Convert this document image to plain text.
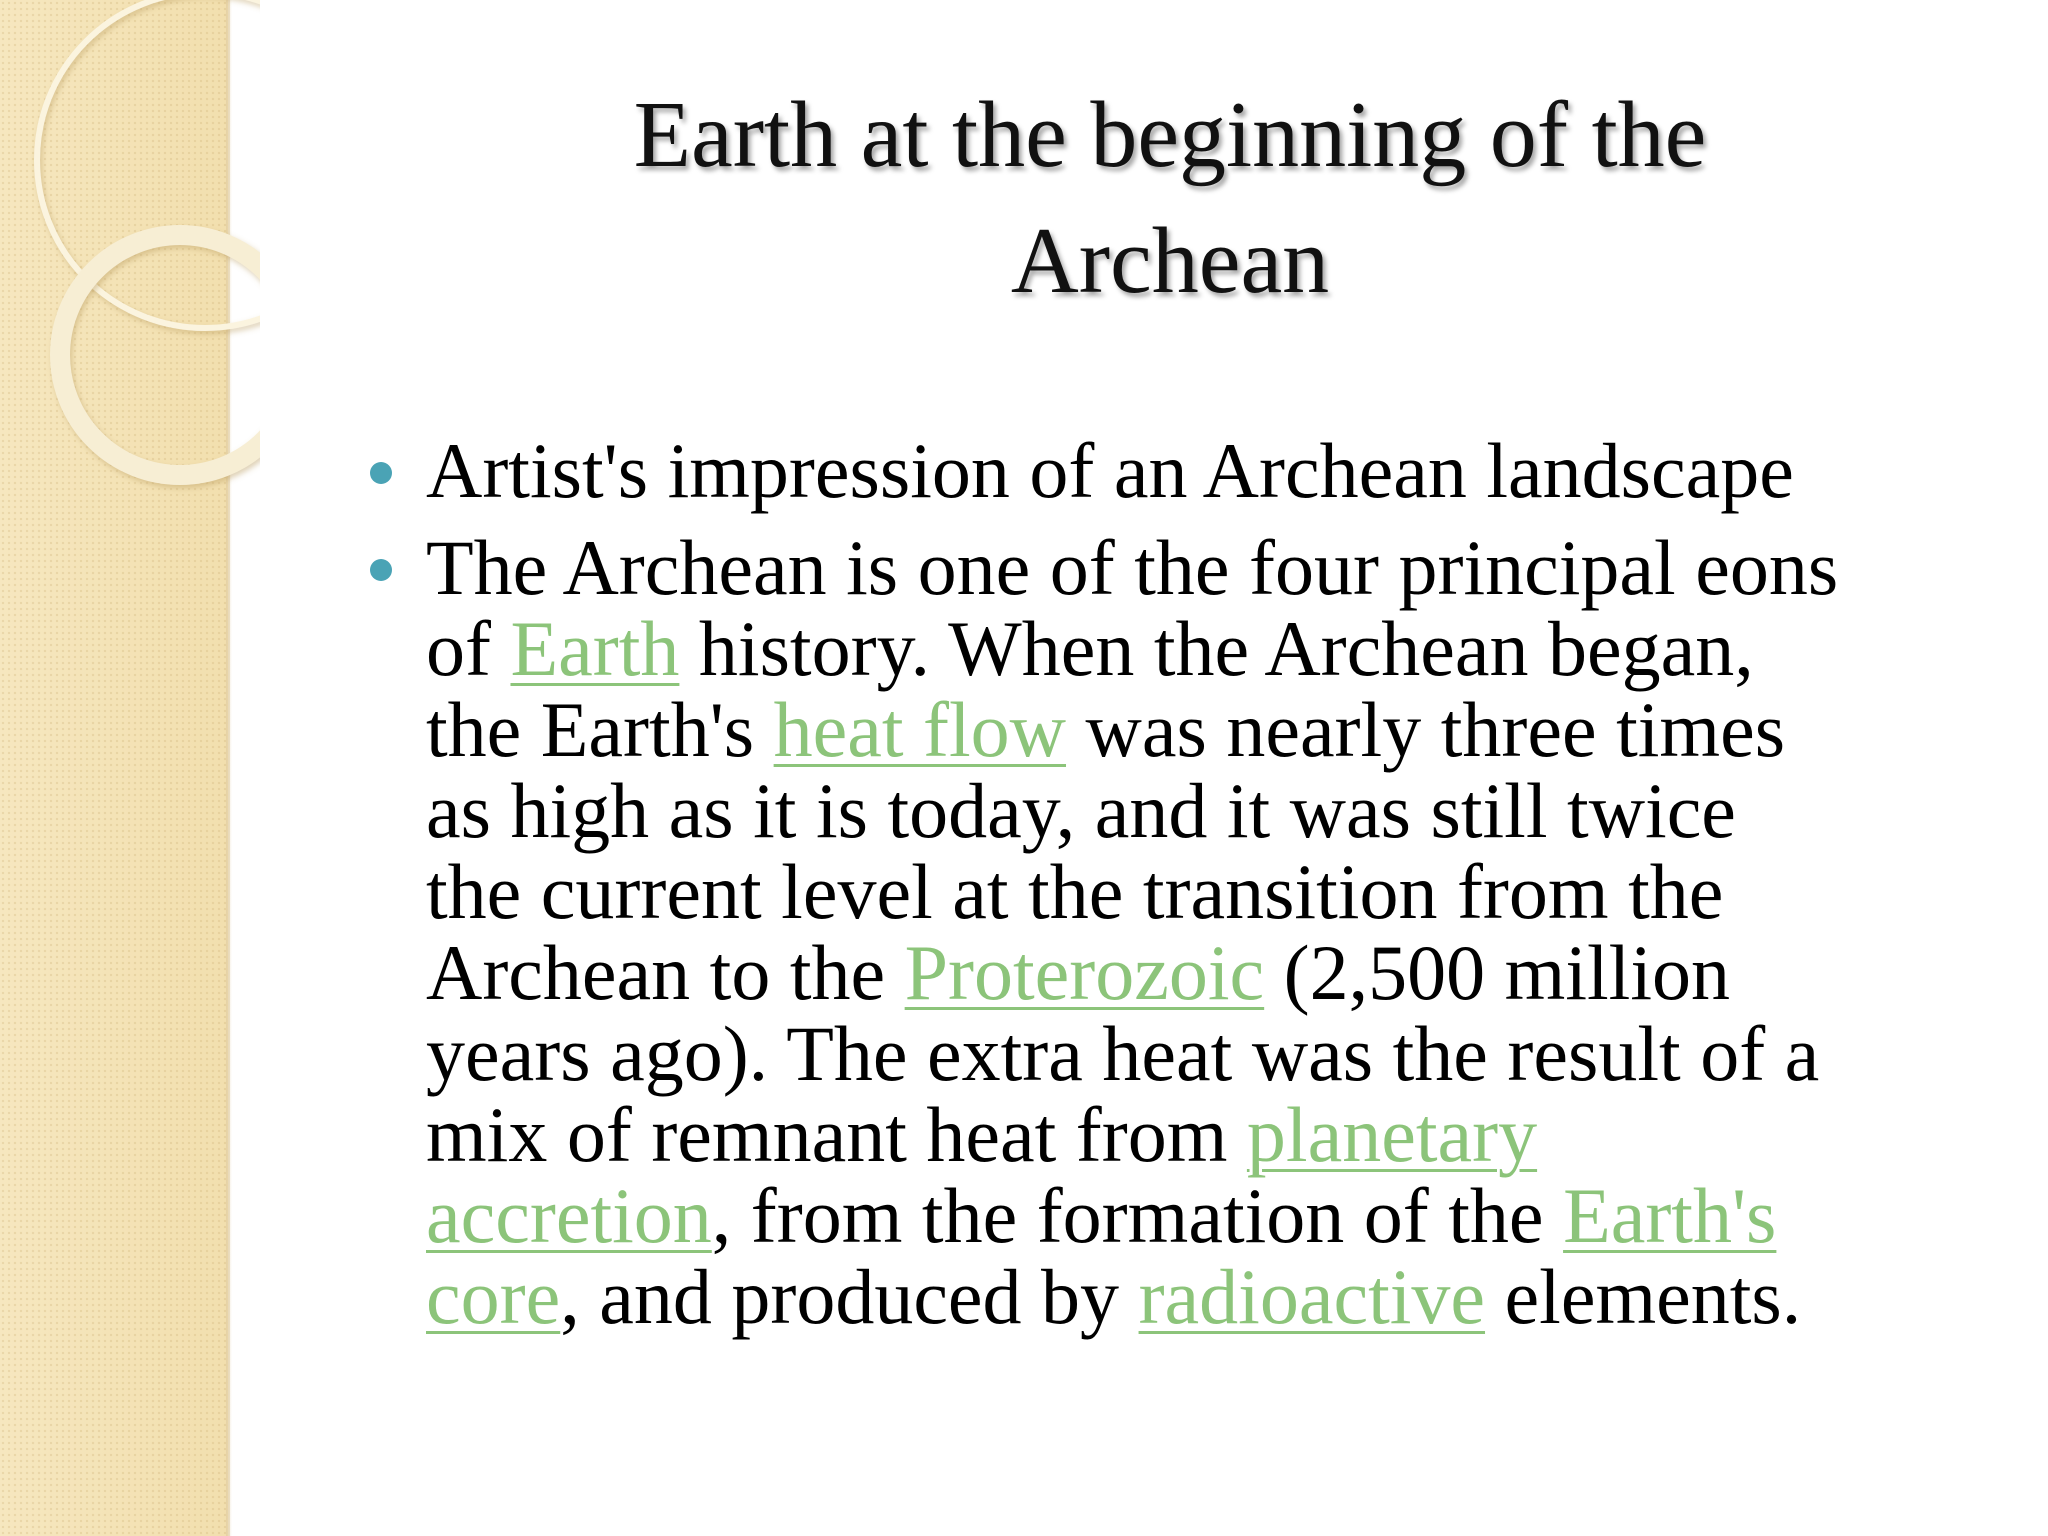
Earth at the beginning of the
Archean
Artist's impression of an Archean landscape
The Archean is one of the four principal eons
of Earth history. When the Archean began,
the Earth's heat flow was nearly three times
as high as it is today, and it was still twice
the current level at the transition from the
Archean to the Proterozoic (2,500 million
years ago). The extra heat was the result of a
mix of remnant heat from planetary
accretion, from the formation of the Earth's
core, and produced by radioactive elements.
